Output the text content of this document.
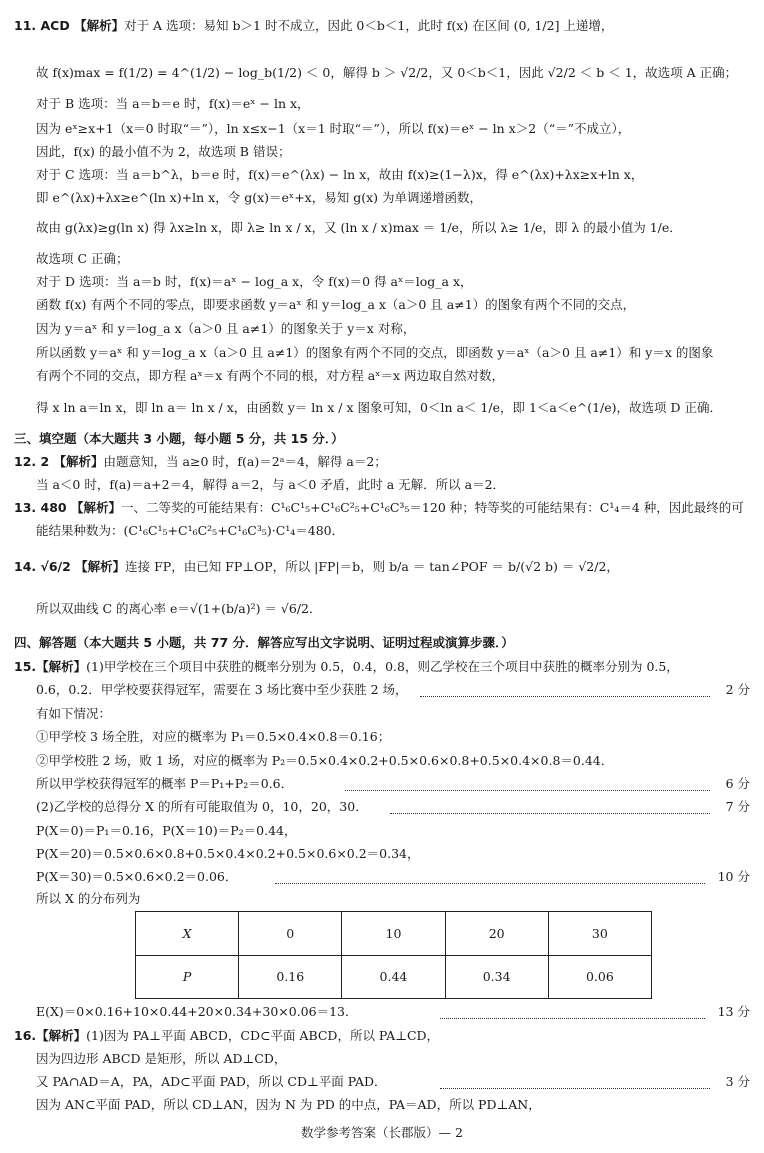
11. ACD 【解析】对于 A 选项：易知 b＞1 时不成立，因此 0＜b＜1，此时 f(x) 在区间 (0, 1/2] 上递增，
故 f(x)max = f(1/2) = 4^(1/2) − log_b(1/2) ＜ 0，解得 b ＞ √2/2，又 0＜b＜1，因此 √2/2 ＜ b ＜ 1，故选项 A 正确；
对于 B 选项：当 a＝b＝e 时，f(x)＝eˣ − ln x，
因为 eˣ≥x+1（x＝0 时取“＝”），ln x≤x−1（x＝1 时取“＝”），所以 f(x)＝eˣ − ln x＞2（“＝”不成立），
因此，f(x) 的最小值不为 2，故选项 B 错误；
对于 C 选项：当 a＝b^λ，b＝e 时，f(x)＝e^(λx) − ln x，故由 f(x)≥(1−λ)x，得 e^(λx)+λx≥x+ln x，
即 e^(λx)+λx≥e^(ln x)+ln x，令 g(x)＝eˣ+x，易知 g(x) 为单调递增函数，
故由 g(λx)≥g(ln x) 得 λx≥ln x，即 λ≥ ln x / x，又 (ln x / x)max ＝ 1/e，所以 λ≥ 1/e，即 λ 的最小值为 1/e．
故选项 C 正确；
对于 D 选项：当 a＝b 时，f(x)＝aˣ − log_a x，令 f(x)＝0 得 aˣ＝log_a x，
函数 f(x) 有两个不同的零点，即要求函数 y＝aˣ 和 y＝log_a x（a＞0 且 a≠1）的图象有两个不同的交点，
因为 y＝aˣ 和 y＝log_a x（a＞0 且 a≠1）的图象关于 y＝x 对称，
所以函数 y＝aˣ 和 y＝log_a x（a＞0 且 a≠1）的图象有两个不同的交点，即函数 y＝aˣ（a＞0 且 a≠1）和 y＝x 的图象
有两个不同的交点，即方程 aˣ＝x 有两个不同的根，对方程 aˣ＝x 两边取自然对数，
得 x ln a＝ln x，即 ln a＝ ln x / x，由函数 y＝ ln x / x 图象可知，0＜ln a＜ 1/e，即 1＜a＜e^(1/e)，故选项 D 正确．
三、填空题（本大题共 3 小题，每小题 5 分，共 15 分．）
12. 2 【解析】由题意知，当 a≥0 时，f(a)＝2ᵃ＝4，解得 a＝2；
当 a＜0 时，f(a)＝a+2＝4，解得 a＝2，与 a＜0 矛盾，此时 a 无解．所以 a＝2．
13. 480 【解析】一、二等奖的可能结果有：C¹₆C¹₅+C¹₆C²₅+C¹₆C³₅＝120 种；特等奖的可能结果有：C¹₄＝4 种，因此最终的可
能结果种数为：(C¹₆C¹₅+C¹₆C²₅+C¹₆C³₅)·C¹₄＝480．
14. √6/2 【解析】连接 FP，由已知 FP⊥OP，所以 |FP|＝b，则 b/a ＝ tan∠POF ＝ b/(√2 b) ＝ √2/2，
所以双曲线 C 的离心率 e＝√(1+(b/a)²) ＝ √6/2．
四、解答题（本大题共 5 小题，共 77 分．解答应写出文字说明、证明过程或演算步骤．）
15.【解析】(1)甲学校在三个项目中获胜的概率分别为 0.5，0.4，0.8，则乙学校在三个项目中获胜的概率分别为 0.5，
0.6，0.2．甲学校要获得冠军，需要在 3 场比赛中至少获胜 2 场，	2 分
有如下情况：
①甲学校 3 场全胜，对应的概率为 P₁＝0.5×0.4×0.8＝0.16；
②甲学校胜 2 场，败 1 场，对应的概率为 P₂＝0.5×0.4×0.2+0.5×0.6×0.8+0.5×0.4×0.8＝0.44．
所以甲学校获得冠军的概率 P＝P₁+P₂＝0.6．	6 分
(2)乙学校的总得分 X 的所有可能取值为 0，10，20，30．	7 分
P(X＝0)＝P₁＝0.16，P(X＝10)＝P₂＝0.44，
P(X＝20)＝0.5×0.6×0.8+0.5×0.4×0.2+0.5×0.6×0.2＝0.34，
P(X＝30)＝0.5×0.6×0.2＝0.06．	10 分
所以 X 的分布列为
X	0	10	20	30
P	0.16	0.44	0.34	0.06
E(X)＝0×0.16+10×0.44+20×0.34+30×0.06＝13．	13 分
16.【解析】(1)因为 PA⊥平面 ABCD，CD⊂平面 ABCD，所以 PA⊥CD，
因为四边形 ABCD 是矩形，所以 AD⊥CD，
又 PA∩AD＝A，PA，AD⊂平面 PAD，所以 CD⊥平面 PAD．	3 分
因为 AN⊂平面 PAD，所以 CD⊥AN，因为 N 为 PD 的中点，PA＝AD，所以 PD⊥AN，
数学参考答案（长郡版）— 2
